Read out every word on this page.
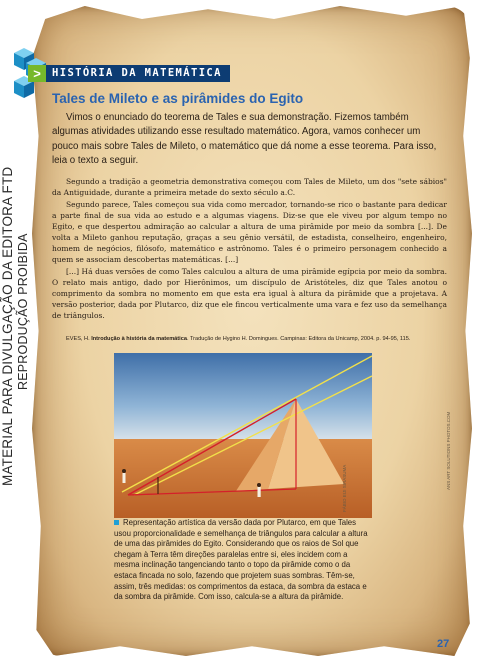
MATERIAL PARA DIVULGAÇÃO DA EDITORA FTD REPRODUÇÃO PROIBIDA
>	HISTÓRIA DA MATEMÁTICA
Tales de Mileto e as pirâmides do Egito

Vimos o enunciado do teorema de Tales e sua demonstração. Fizemos também algumas atividades utilizando esse resultado matemático. Agora, vamos conhecer um pouco mais sobre Tales de Mileto, o matemático que dá nome a esse teorema. Para isso, leia o texto a seguir.

Segundo a tradição a geometria demonstrativa começou com Tales de Mileto, um dos "sete sábios" da Antiguidade, durante a primeira metade do sexto século a.C.

Segundo parece, Tales começou sua vida como mercador, tornando-se rico o bastante para dedicar a parte final de sua vida ao estudo e a algumas viagens. Diz-se que ele viveu por algum tempo no Egito, e que despertou admiração ao calcular a altura de uma pirâmide por meio da sombra [...]. De volta a Mileto ganhou reputação, graças a seu gênio versátil, de estadista, conselheiro, engenheiro, homem de negócios, filósofo, matemático e astrônomo. Tales é o primeiro personagem conhecido a quem se associam descobertas matemáticas. [...]

[...] Há duas versões de como Tales calculou a altura de uma pirâmide egípcia por meio da sombra. O relato mais antigo, dado por Hierônimos, um discípulo de Aristóteles, diz que Tales anotou o comprimento da sombra no momento em que esta era igual à altura da pirâmide que a projetava. A versão posterior, dada por Plutarco, diz que ele fincou verticalmente uma vara e fez uso da semelhança de triângulos.

EVES, H. Introdução à história da matemática. Tradução de Hygino H. Domingues. Campinas: Editora da Unicamp, 2004. p. 94-95, 115.

FÁBIO EIJI SIRASUMA	ANS ART SOLUTIONS PHOTOS.COM

Representação artística da versão dada por Plutarco, em que Tales usou proporcionalidade e semelhança de triângulos para calcular a altura de uma das pirâmides do Egito. Considerando que os raios de Sol que chegam à Terra têm direções paralelas entre si, eles incidem com a mesma inclinação tangenciando tanto o topo da pirâmide como o da estaca fincada no solo, fazendo que projetem suas sombras. Têm-se, assim, três medidas: os comprimentos da estaca, da sombra da estaca e da sombra da pirâmide. Com isso, calcula-se a altura da pirâmide.

27
